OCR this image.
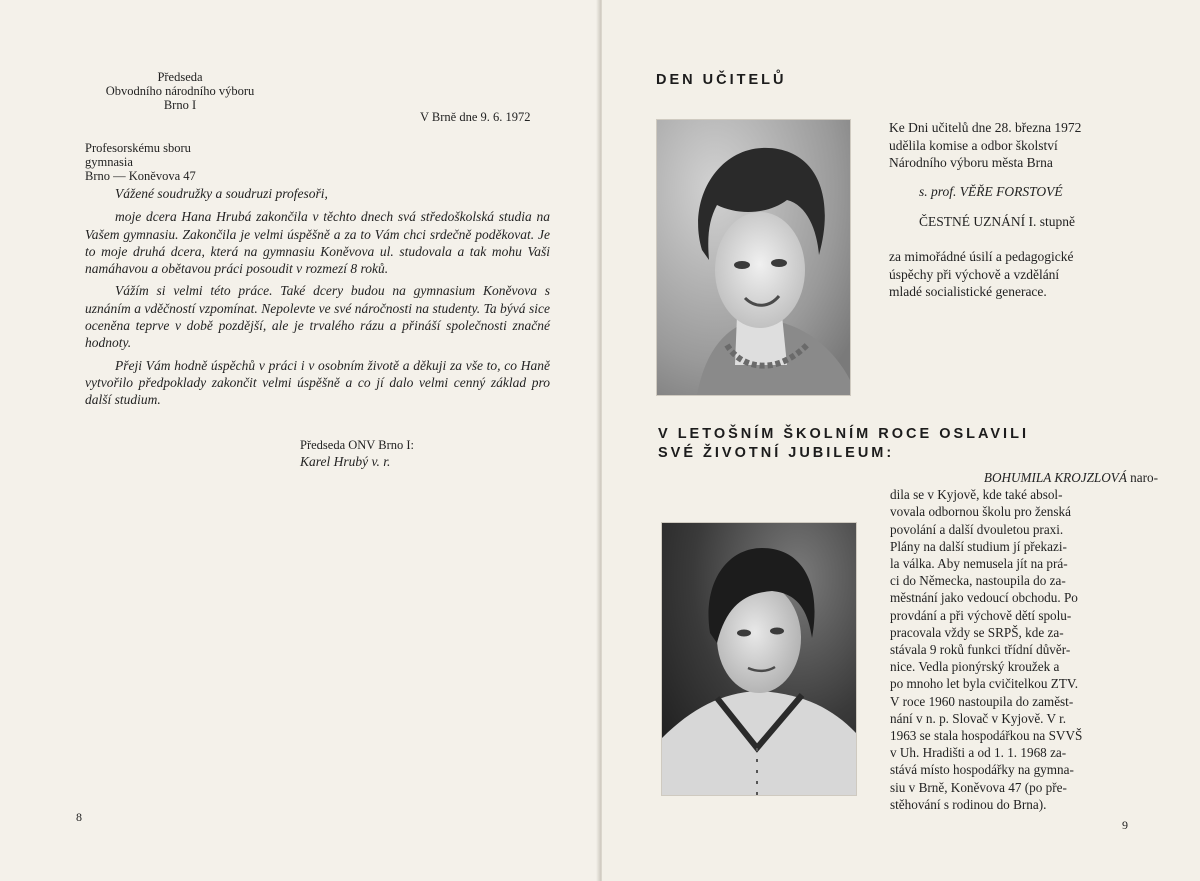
Předseda
Obvodního národního výboru
Brno I
V Brně dne 9. 6. 1972
Profesorskému sboru
gymnasia
Brno — Koněvova 47

Vážené soudružky a soudruzi profesoři,

moje dcera Hana Hrubá zakončila v těchto dnech svá středoškolská studia na Vašem gymnasiu. Zakončila je velmi úspěšně a za to Vám chci srdečně poděkovat. Je to moje druhá dcera, která na gymnasiu Koněvova ul. studovala a tak mohu Vaši namáhavou a obětavou práci posoudit v rozmezí 8 roků.

Vážím si velmi této práce. Také dcery budou na gymnasium Koněvova s uznáním a vděčností vzpomínat. Nepolevte ve své náročnosti na studenty. Ta bývá sice oceněna teprve v době pozdější, ale je trvalého rázu a přináší společnosti značné hodnoty.

Přeji Vám hodně úspěchů v práci i v osobním životě a děkuji za vše to, co Haně vytvořilo předpoklady zakončit velmi úspěšně a co jí dalo velmi cenný základ pro další studium.

Předseda ONV Brno I:
Karel Hrubý v. r.
8
DEN UČITELŮ
Ke Dni učitelů dne 28. března 1972
udělila komise a odbor školství
Národního výboru města Brna
s. prof. VĚŘE FORSTOVÉ
ČESTNÉ UZNÁNÍ I. stupně
za mimořádné úsilí a pedagogické
úspěchy při výchově a vzdělání
mladé socialistické generace.
V LETOŠNÍM ŠKOLNÍM ROCE OSLAVILI
SVÉ ŽIVOTNÍ JUBILEUM:
BOHUMILA KROJZLOVÁ naro-
dila se v Kyjově, kde také absol-
vovala odbornou školu pro ženská
povolání a další dvouletou praxi.
Plány na další studium jí překazi-
la válka. Aby nemusela jít na prá-
ci do Německa, nastoupila do za-
městnání jako vedoucí obchodu. Po
provdání a při výchově dětí spolu-
pracovala vždy se SRPŠ, kde za-
stávala 9 roků funkci třídní důvěr-
nice. Vedla pionýrský kroužek a
po mnoho let byla cvičitelkou ZTV.
V roce 1960 nastoupila do zaměst-
nání v n. p. Slovač v Kyjově. V r.
1963 se stala hospodářkou na SVVŠ
v Uh. Hradišti a od 1. 1. 1968 za-
stává místo hospodářky na gymna-
siu v Brně, Koněvova 47 (po pře-
stěhování s rodinou do Brna).
9
